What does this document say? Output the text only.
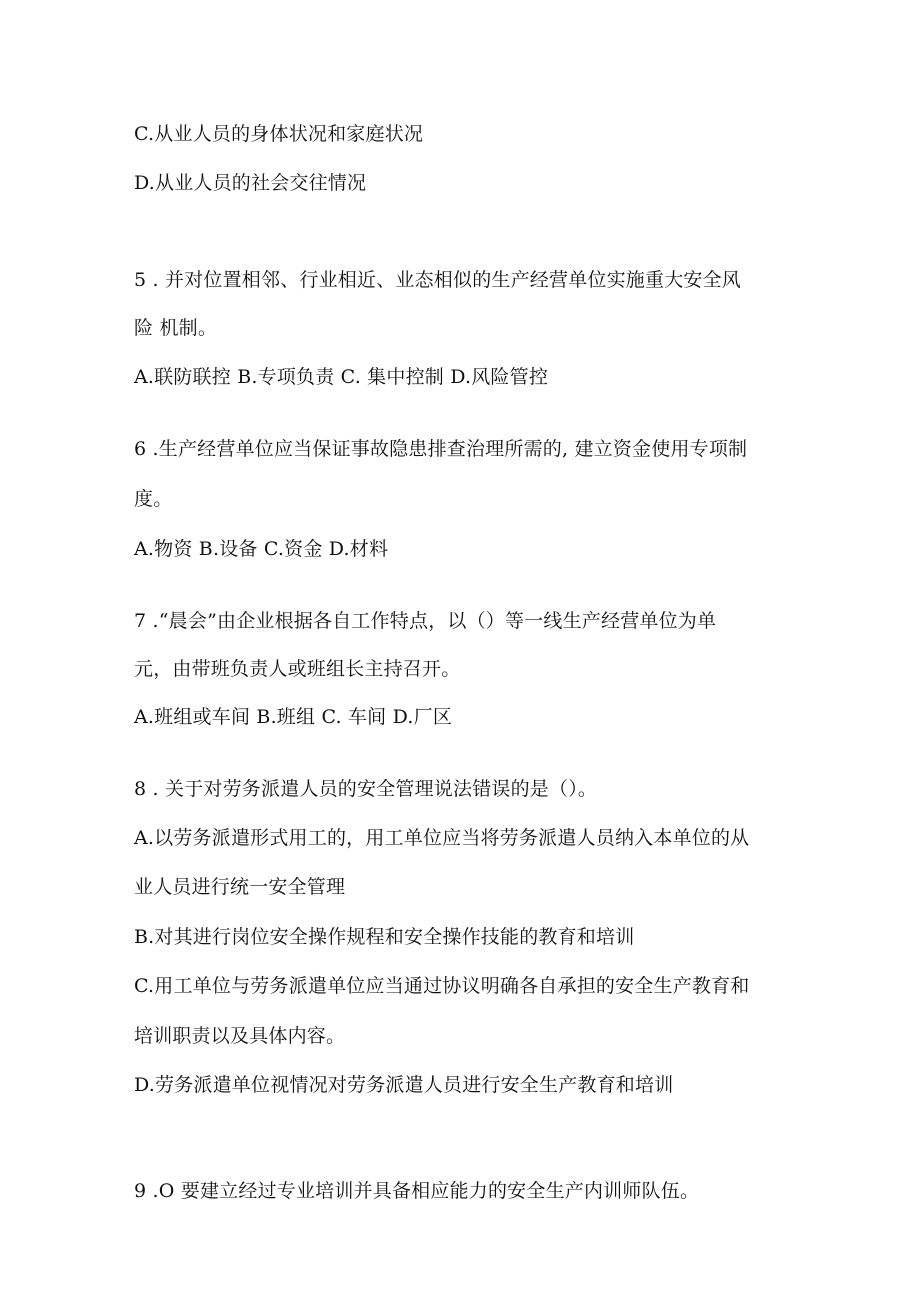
C.从业人员的身体状况和家庭状况
D.从业人员的社会交往情况
5 . 并对位置相邻、行业相近、业态相似的生产经营单位实施重大安全风
险 机制。
A.联防联控 B.专项负责 C. 集中控制 D.风险管控
6 .生产经营单位应当保证事故隐患排查治理所需的, 建立资金使用专项制
度。
A.物资 B.设备 C.资金 D.材料
7 .“晨会”由企业根据各自工作特点，以（）等一线生产经营单位为单
元，由带班负责人或班组长主持召开。
A.班组或车间 B.班组 C. 车间 D.厂区
8 . 关于对劳务派遣人员的安全管理说法错误的是（）。
A.以劳务派遣形式用工的，用工单位应当将劳务派遣人员纳入本单位的从
业人员进行统一安全管理
B.对其进行岗位安全操作规程和安全操作技能的教育和培训
C.用工单位与劳务派遣单位应当通过协议明确各自承担的安全生产教育和
培训职责以及具体内容。
D.劳务派遣单位视情况对劳务派遣人员进行安全生产教育和培训
9 .O 要建立经过专业培训并具备相应能力的安全生产内训师队伍。
